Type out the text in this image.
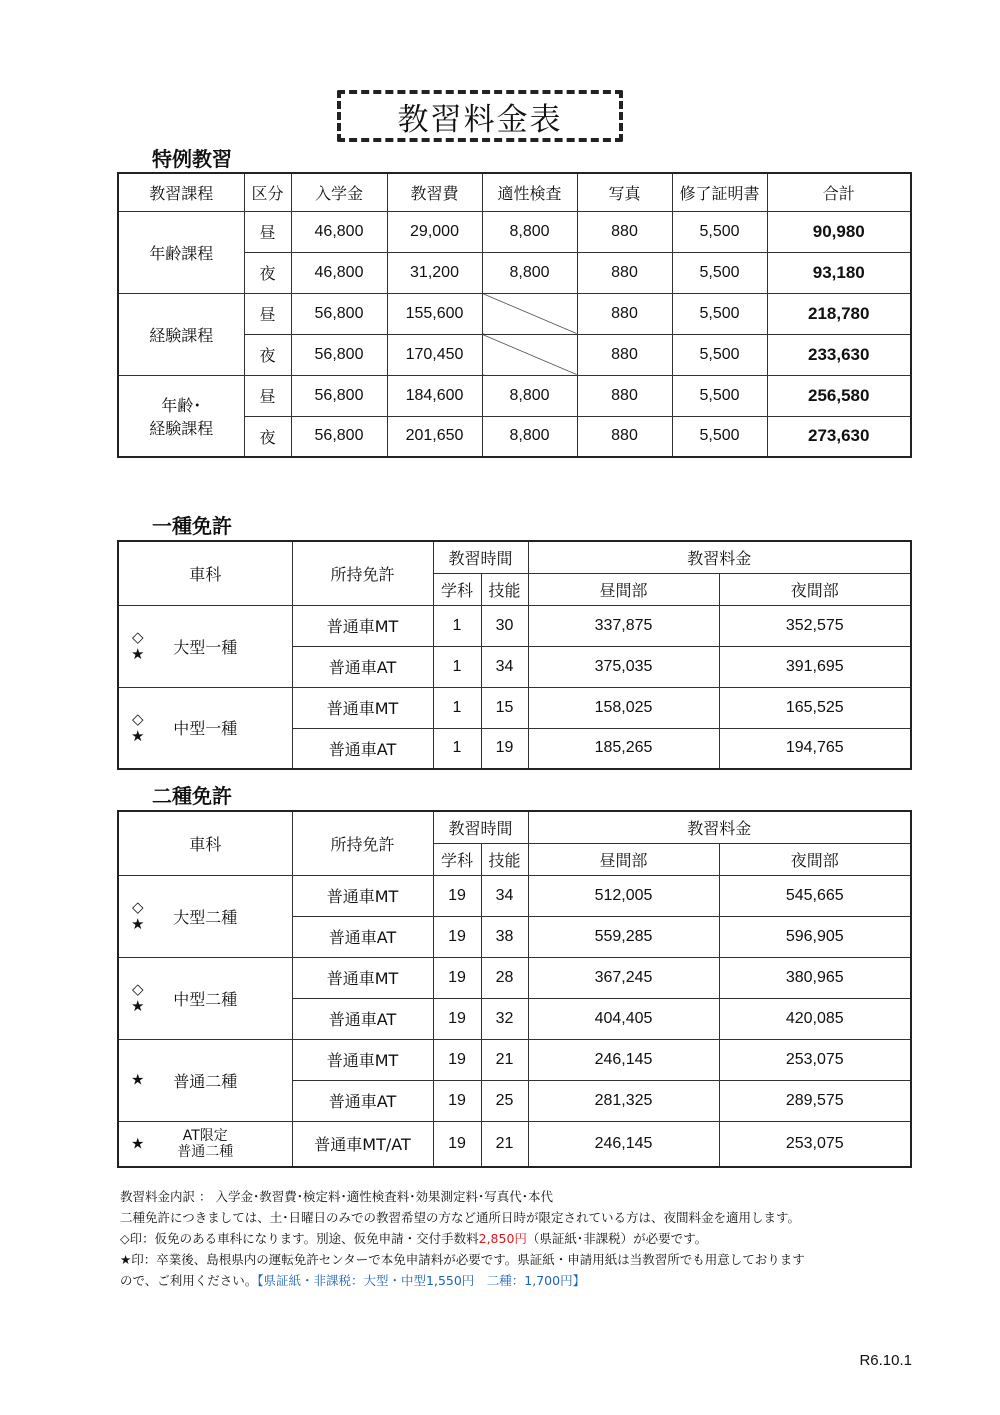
教習料金表
特例教習
教習課程	区分	入学金	教習費	適性検査	写真	修了証明書	合計
年齢課程	昼	46,800	29,000	8,800	880	5,500	90,980
	夜	46,800	31,200	8,800	880	5,500	93,180
経験課程	昼	56,800	155,600		880	5,500	218,780
	夜	56,800	170,450		880	5,500	233,630

年齢･
経験課程	昼	56,800	184,600	8,800	880	5,500	256,580
	夜	56,800	201,650	8,800	880	5,500	273,630
一種免許
車科	所持免許	教習時間		教習料金	
		学科	技能	昼間部	夜間部

◇
★ 大型一種	普通車MT	1	30	337,875	352,575
	普通車AT	1	34	375,035	391,695

◇
★ 中型一種	普通車MT	1	15	158,025	165,525
	普通車AT	1	19	185,265	194,765
二種免許
車科	所持免許	教習時間		教習料金	
		学科	技能	昼間部	夜間部

◇
★ 大型二種	普通車MT	19	34	512,005	545,665
	普通車AT	19	38	559,285	596,905

◇
★ 中型二種	普通車MT	19	28	367,245	380,965
	普通車AT	19	32	404,405	420,085

★ 普通二種	普通車MT	19	21	246,145	253,075
	普通車AT	19	25	281,325	289,575

★ AT限定
普通二種	普通車MT/AT	19	21	246,145	253,075
教習料金内訳 ： 入学金･教習費･検定料･適性検査料･効果測定料･写真代･本代
二種免許につきましては、土･日曜日のみでの教習希望の方など通所日時が限定されている方は、夜間料金を適用します。
◇印：仮免のある車科になります。別途、仮免申請・交付手数料2,850円（県証紙･非課税）が必要です。
★印：卒業後、島根県内の運転免許センターで本免申請料が必要です。県証紙・申請用紙は当教習所でも用意しております
ので、ご利用ください。【県証紙・非課税：大型・中型1,550円　二種：1,700円】
R6.10.1
